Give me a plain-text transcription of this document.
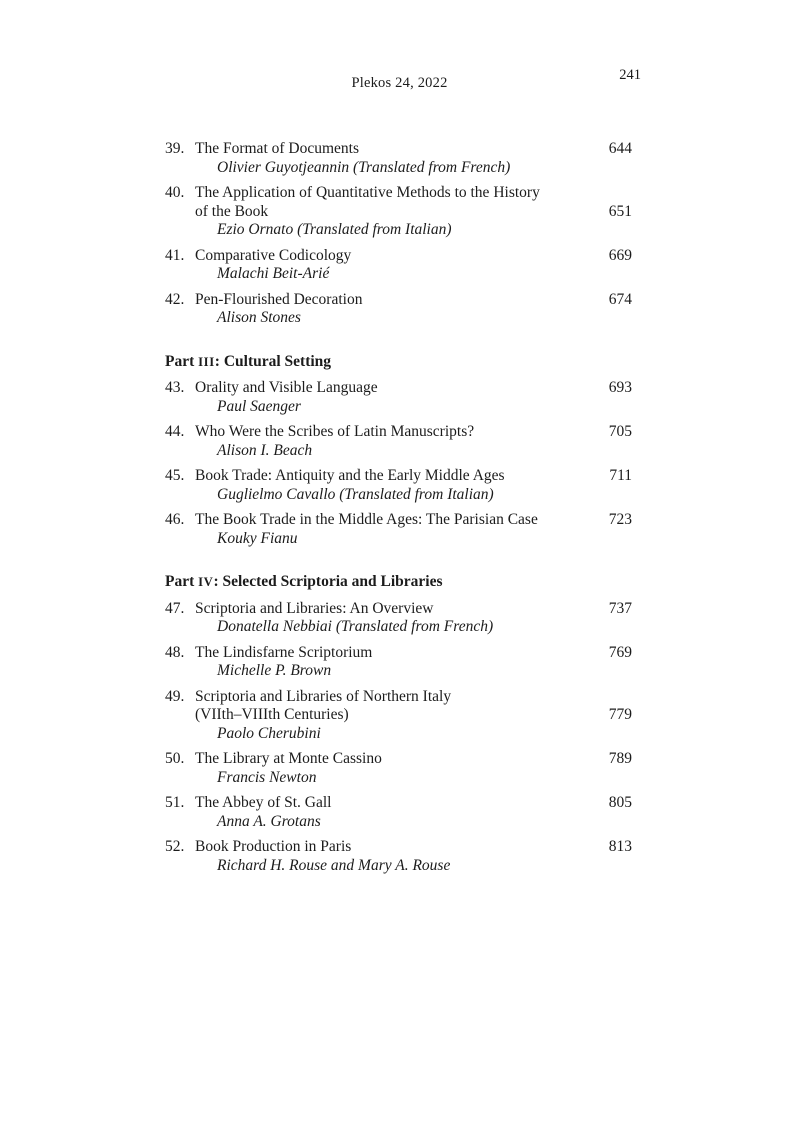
Plekos 24, 2022	241
39. The Format of Documents	644
Olivier Guyotjeannin (Translated from French)
40. The Application of Quantitative Methods to the History
of the Book	651
Ezio Ornato (Translated from Italian)
41. Comparative Codicology	669
Malachi Beit-Arié
42. Pen-Flourished Decoration	674
Alison Stones
Part III: Cultural Setting
43. Orality and Visible Language	693
Paul Saenger
44. Who Were the Scribes of Latin Manuscripts?	705
Alison I. Beach
45. Book Trade: Antiquity and the Early Middle Ages	711
Guglielmo Cavallo (Translated from Italian)
46. The Book Trade in the Middle Ages: The Parisian Case	723
Kouky Fianu
Part IV: Selected Scriptoria and Libraries
47. Scriptoria and Libraries: An Overview	737
Donatella Nebbiai (Translated from French)
48. The Lindisfarne Scriptorium	769
Michelle P. Brown
49. Scriptoria and Libraries of Northern Italy
(VIIth–VIIIth Centuries)	779
Paolo Cherubini
50. The Library at Monte Cassino	789
Francis Newton
51. The Abbey of St. Gall	805
Anna A. Grotans
52. Book Production in Paris	813
Richard H. Rouse and Mary A. Rouse
